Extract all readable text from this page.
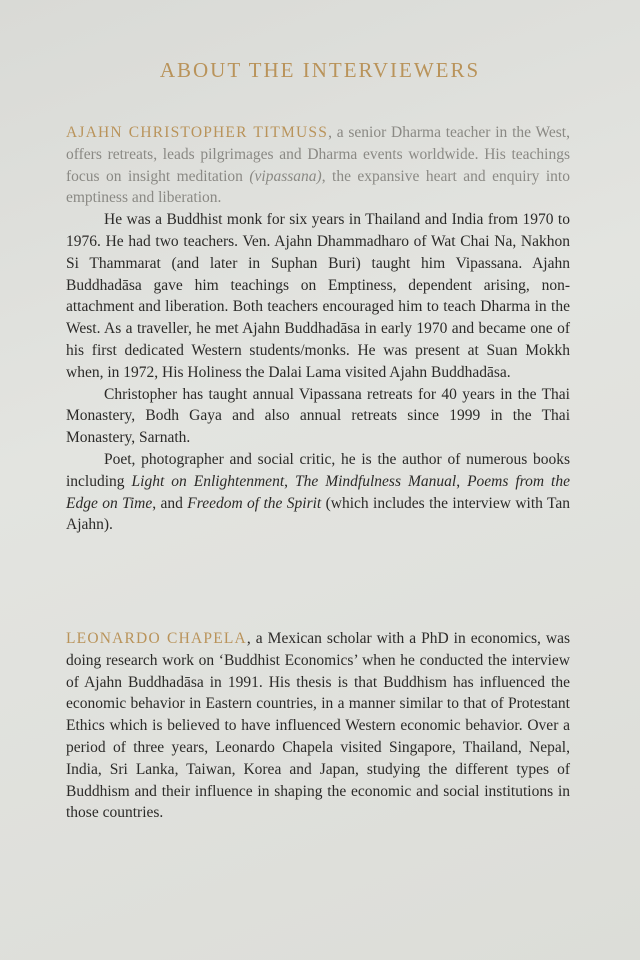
ABOUT THE INTERVIEWERS

AJAHN CHRISTOPHER TITMUSS, a senior Dharma teacher in the West, offers retreats, leads pilgrimages and Dharma events worldwide. His teachings focus on insight meditation (vipassana), the expansive heart and enquiry into emptiness and liberation.

He was a Buddhist monk for six years in Thailand and India from 1970 to 1976. He had two teachers. Ven. Ajahn Dhammadharo of Wat Chai Na, Nakhon Si Thammarat (and later in Suphan Buri) taught him Vipassana. Ajahn Buddhadāsa gave him teachings on Emptiness, dependent arising, non-attachment and liberation. Both teachers encouraged him to teach Dharma in the West. As a traveller, he met Ajahn Buddhadāsa in early 1970 and became one of his first dedicated Western students/monks. He was present at Suan Mokkh when, in 1972, His Holiness the Dalai Lama visited Ajahn Buddhadāsa.

Christopher has taught annual Vipassana retreats for 40 years in the Thai Monastery, Bodh Gaya and also annual retreats since 1999 in the Thai Monastery, Sarnath.

Poet, photographer and social critic, he is the author of numerous books including Light on Enlightenment, The Mindfulness Manual, Poems from the Edge on Time, and Freedom of the Spirit (which includes the interview with Tan Ajahn).

LEONARDO CHAPELA, a Mexican scholar with a PhD in economics, was doing research work on ‘Buddhist Economics’ when he conducted the interview of Ajahn Buddhadāsa in 1991. His thesis is that Buddhism has influenced the economic behavior in Eastern countries, in a manner similar to that of Protestant Ethics which is believed to have influenced Western economic behavior. Over a period of three years, Leonardo Chapela visited Singapore, Thailand, Nepal, India, Sri Lanka, Taiwan, Korea and Japan, studying the different types of Buddhism and their influence in shaping the economic and social institutions in those countries.
